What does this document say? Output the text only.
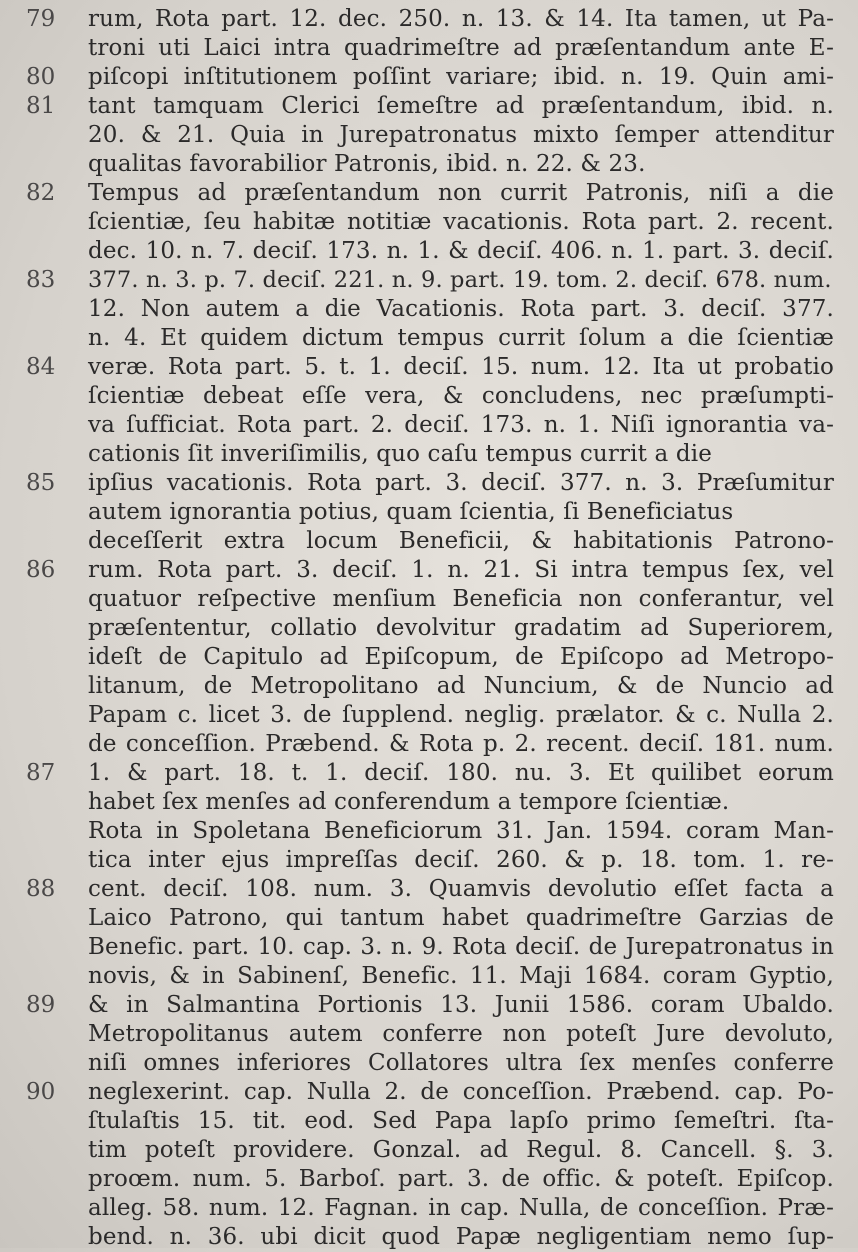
79	rum, Rota part. 12. dec. 250. n. 13. & 14. Ita tamen, ut Pa-
troni uti Laici intra quadrimeſtre ad præſentandum ante E-
80	piſcopi inſtitutionem poſſint variare; ibid. n. 19. Quin ami-
81	tant tamquam Clerici ſemeſtre ad præſentandum, ibid. n.
20. & 21. Quia in Jurepatronatus mixto ſemper attenditur
qualitas favorabilior Patronis, ibid. n. 22. & 23.
82	Tempus ad præſentandum non currit Patronis, niſi a die
ſcientiæ, ſeu habitæ notitiæ vacationis. Rota part. 2. recent.
dec. 10. n. 7. deciſ. 173. n. 1. & deciſ. 406. n. 1. part. 3. deciſ.
83	377. n. 3. p. 7. deciſ. 221. n. 9. part. 19. tom. 2. deciſ. 678. num.
12. Non autem a die Vacationis. Rota part. 3. deciſ. 377.
n. 4. Et quidem dictum tempus currit ſolum a die ſcientiæ
84	veræ. Rota part. 5. t. 1. deciſ. 15. num. 12. Ita ut probatio
ſcientiæ debeat eſſe vera, & concludens, nec præſumpti-
va ſufficiat. Rota part. 2. deciſ. 173. n. 1. Niſi ignorantia va-
cationis ſit inveriſimilis, quo caſu tempus currit a die
85	ipſius vacationis. Rota part. 3. deciſ. 377. n. 3. Præſumitur
autem ignorantia potius, quam ſcientia, ſi Beneficiatus
deceſſerit extra locum Beneficii, & habitationis Patrono-
86	rum. Rota part. 3. deciſ. 1. n. 21. Si intra tempus ſex, vel
quatuor reſpective menſium Beneficia non conferantur, vel
præſententur, collatio devolvitur gradatim ad Superiorem,
ideſt de Capitulo ad Epiſcopum, de Epiſcopo ad Metropo-
litanum, de Metropolitano ad Nuncium, & de Nuncio ad
Papam c. licet 3. de ſupplend. neglig. prælator. & c. Nulla 2.
de conceſſion. Præbend. & Rota p. 2. recent. deciſ. 181. num.
87	1. & part. 18. t. 1. deciſ. 180. nu. 3. Et quilibet eorum
habet ſex menſes ad conferendum a tempore ſcientiæ.
Rota in Spoletana Beneficiorum 31. Jan. 1594. coram Man-
tica inter ejus impreſſas deciſ. 260. & p. 18. tom. 1. re-
88	cent. deciſ. 108. num. 3. Quamvis devolutio eſſet facta a
Laico Patrono, qui tantum habet quadrimeſtre Garzias de
Benefic. part. 10. cap. 3. n. 9. Rota deciſ. de Jurepatronatus in
novis, & in Sabinenſ, Benefic. 11. Maji 1684. coram Gyptio,
89	& in Salmantina Portionis 13. Junii 1586. coram Ubaldo.
Metropolitanus autem conferre non poteſt Jure devoluto,
niſi omnes inferiores Collatores ultra ſex menſes conferre
90	neglexerint. cap. Nulla 2. de conceſſion. Præbend. cap. Po-
ſtulaſtis 15. tit. eod. Sed Papa lapſo primo ſemeſtri. ſta-
tim poteſt providere. Gonzal. ad Regul. 8. Cancell. §. 3.
proœm. num. 5. Barboſ. part. 3. de offic. & poteſt. Epiſcop.
alleg. 58. num. 12. Fagnan. in cap. Nulla, de conceſſion. Præ-
bend. n. 36. ubi dicit quod Papæ negligentiam nemo ſup-
